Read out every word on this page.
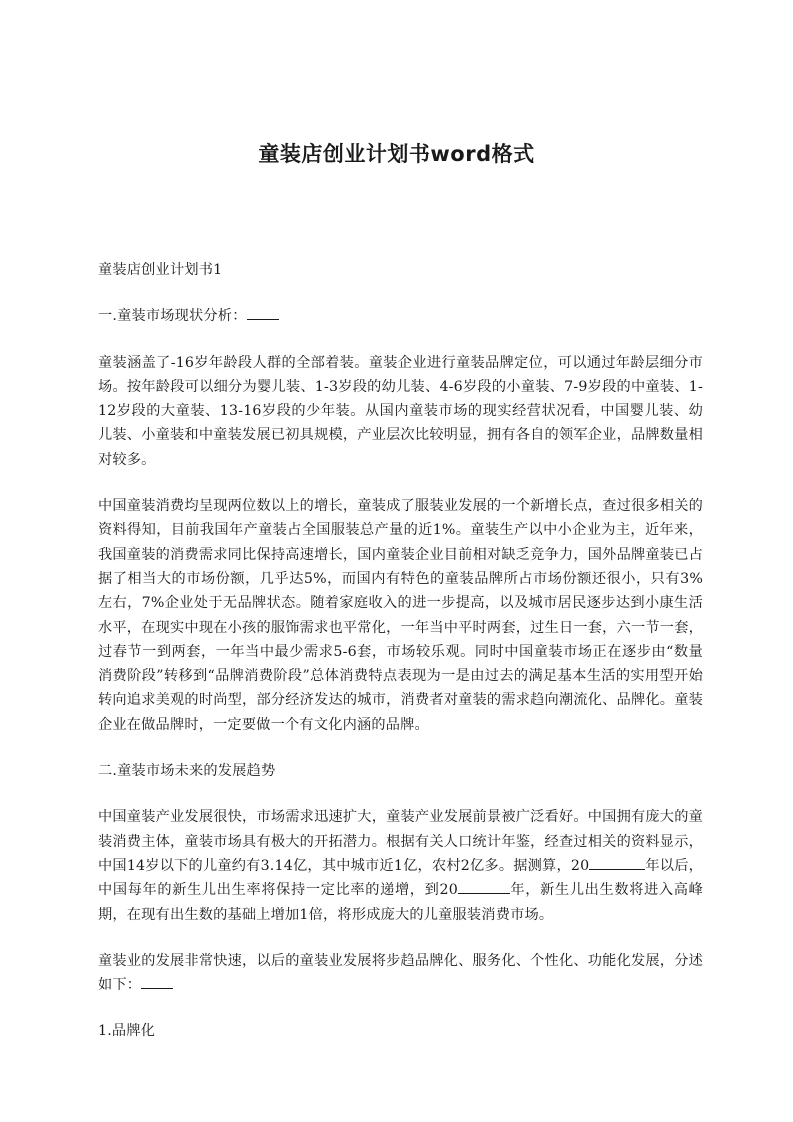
童装店创业计划书word格式

童装店创业计划书1

一.童装市场现状分析：

童装涵盖了-16岁年龄段人群的全部着装。童装企业进行童装品牌定位，可以通过年龄层细分市场。按年龄段可以细分为婴儿装、1-3岁段的幼儿装、4-6岁段的小童装、7-9岁段的中童装、1-12岁段的大童装、13-16岁段的少年装。从国内童装市场的现实经营状况看，中国婴儿装、幼儿装、小童装和中童装发展已初具规模，产业层次比较明显，拥有各自的领军企业，品牌数量相对较多。

中国童装消费均呈现两位数以上的增长，童装成了服装业发展的一个新增长点，查过很多相关的资料得知，目前我国年产童装占全国服装总产量的近1%。童装生产以中小企业为主，近年来，我国童装的消费需求同比保持高速增长，国内童装企业目前相对缺乏竞争力，国外品牌童装已占据了相当大的市场份额，几乎达5%，而国内有特色的童装品牌所占市场份额还很小，只有3%左右，7%企业处于无品牌状态。随着家庭收入的进一步提高，以及城市居民逐步达到小康生活水平，在现实中现在小孩的服饰需求也平常化，一年当中平时两套，过生日一套，六一节一套，过春节一到两套，一年当中最少需求5-6套，市场较乐观。同时中国童装市场正在逐步由“数量消费阶段”转移到“品牌消费阶段”总体消费特点表现为一是由过去的满足基本生活的实用型开始转向追求美观的时尚型，部分经济发达的城市，消费者对童装的需求趋向潮流化、品牌化。童装企业在做品牌时，一定要做一个有文化内涵的品牌。

二.童装市场未来的发展趋势

中国童装产业发展很快，市场需求迅速扩大，童装产业发展前景被广泛看好。中国拥有庞大的童装消费主体，童装市场具有极大的开拓潜力。根据有关人口统计年鉴，经查过相关的资料显示，中国14岁以下的儿童约有3.14亿，其中城市近1亿，农村2亿多。据测算，20	年以后，中国每年的新生儿出生率将保持一定比率的递增，到20	年，新生儿出生数将进入高峰期，在现有出生数的基础上增加1倍，将形成庞大的儿童服装消费市场。

童装业的发展非常快速，以后的童装业发展将步趋品牌化、服务化、个性化、功能化发展，分述如下：

1.品牌化
